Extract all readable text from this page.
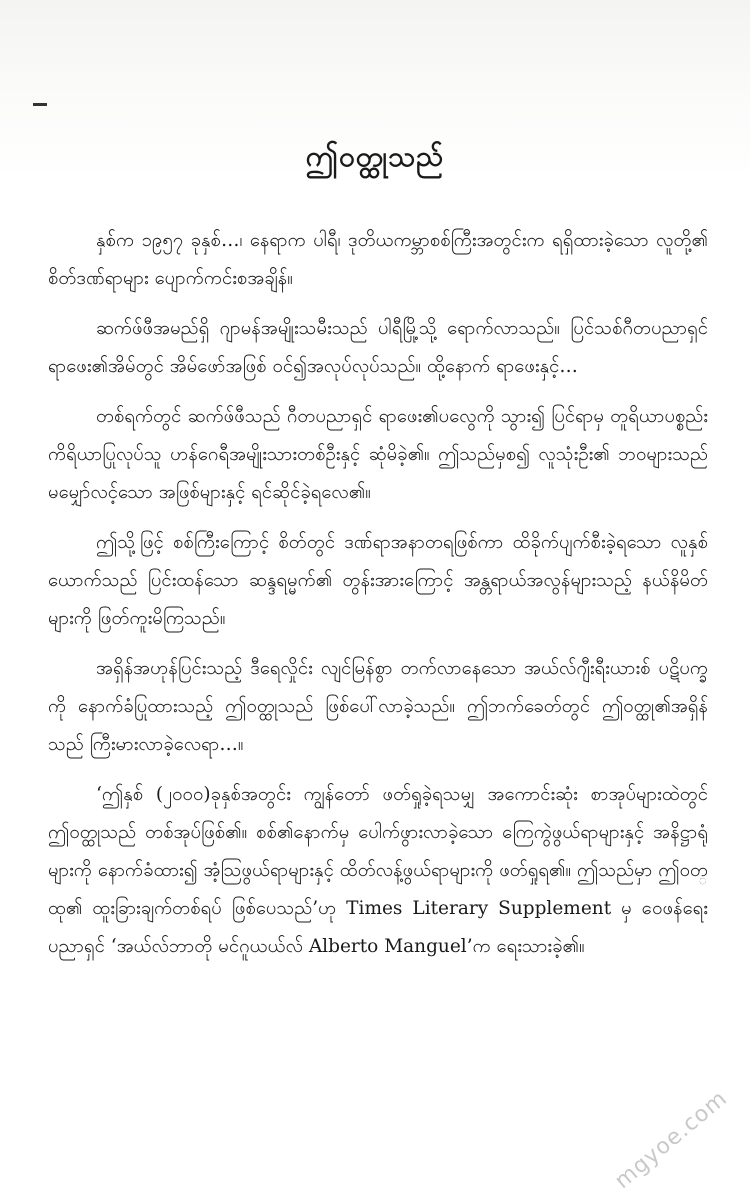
ဤ၀တ္ထုသည်

နှစ်က ၁၉၅၇ ခုနှစ်…၊ နေရာက ပါရီ၊ ဒုတိယကမ္ဘာစစ်ကြီးအတွင်းက ရရှိထားခဲ့သော လူတို့၏ စိတ်ဒဏ်ရာများ ပျောက်ကင်းစအချိန်။

ဆက်ဖ်ဖီအမည်ရှိ ဂျာမန်အမျိုးသမီးသည် ပါရီမြို့သို့ ရောက်လာသည်။ ပြင်သစ်ဂီတပညာရှင် ရာဖေး၏အိမ်တွင် အိမ်ဖော်အဖြစ် ၀င်၍အလုပ်လုပ်သည်။ ထို့နောက် ရာဖေးနှင့်…

တစ်ရက်တွင် ဆက်ဖ်ဖီသည် ဂီတပညာရှင် ရာဖေး၏ပလွေကို သွား၍ ပြင်ရာမှ တူရိယာပစ္စည်းကိရိယာပြုလုပ်သူ ဟန်ဂေရီအမျိုးသားတစ်ဦးနှင့် ဆုံမိခဲ့၏။ ဤသည်မှစ၍ လူသုံးဦး၏ ဘ၀များသည် မမျှော်လင့်သော အဖြစ်များနှင့် ရင်ဆိုင်ခဲ့ရလေ၏။

ဤသို့ဖြင့် စစ်ကြီးကြောင့် စိတ်တွင် ဒဏ်ရာအနာတရဖြစ်ကာ ထိခိုက်ပျက်စီးခဲ့ရသော လူနှစ်ယောက်သည် ပြင်းထန်သော ဆန္ဒရမ္မက်၏ တွန်းအားကြောင့် အန္တရာယ်အလွန်များသည့် နယ်နိမိတ်များကို ဖြတ်ကူးမိကြသည်။

အရှိန်အဟုန်ပြင်းသည့် ဒီရေလှိုင်း လျင်မြန်စွာ တက်လာနေသော အယ်လ်ဂျီးရီးယားစ် ပဋိပက္ခကို နောက်ခံပြုထားသည့် ဤ၀တ္ထုသည် ဖြစ်ပေါ်လာခဲ့သည်။ ဤဘက်ခေတ်တွင် ဤ၀တ္ထု၏အရှိန်သည် ကြီးမားလာခဲ့လေရာ…။

‘ဤနှစ် (၂၀၀၀)ခုနှစ်အတွင်း ကျွန်တော် ဖတ်ရှုခဲ့ရသမျှ အကောင်းဆုံး စာအုပ်များထဲတွင် ဤ၀တ္ထုသည် တစ်အုပ်ဖြစ်၏။ စစ်၏နောက်မှ ပေါက်ဖွားလာခဲ့သော ကြေကွဲဖွယ်ရာများနှင့် အနိဋ္ဌာရုံများကို နောက်ခံထား၍ အံ့သြဖွယ်ရာများနှင့် ထိတ်လန့်ဖွယ်ရာများကို ဖတ်ရှုရ၏။ ဤသည်မှာ ဤ၀တ္ထု၏ ထူးခြားချက်တစ်ရပ် ဖြစ်ပေသည်’ဟု Times Literary Supplement မှ ၀ေဖန်ရေးပညာရှင် ‘အယ်လ်ဘာတို မင်ဂူယယ်လ် Alberto Manguel’က ရေးသားခဲ့၏။

mgyoe.com
